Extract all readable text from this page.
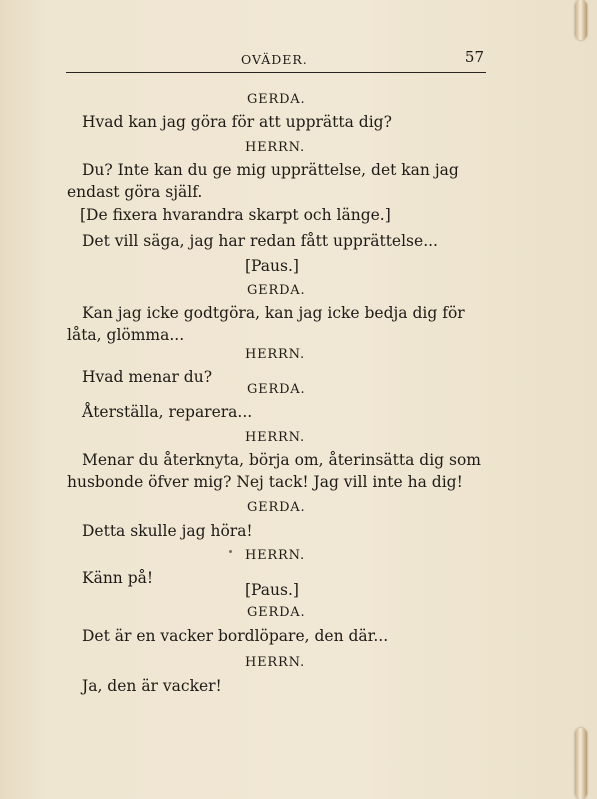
OVÄDER.	57
GERDA.
Hvad kan jag göra för att upprätta dig?
HERRN.
Du? Inte kan du ge mig upprättelse, det kan jag
endast göra själf.
[De fixera hvarandra skarpt och länge.]
Det vill säga, jag har redan fått upprättelse...
[Paus.]
GERDA.
Kan jag icke godtgöra, kan jag icke bedja dig för
låta, glömma...
HERRN.
Hvad menar du?
GERDA.
Återställa, reparera...
HERRN.
Menar du återknyta, börja om, återinsätta dig som
husbonde öfver mig? Nej tack! Jag vill inte ha dig!
GERDA.
Detta skulle jag höra!
HERRN.
Känn på!
[Paus.]
GERDA.
Det är en vacker bordlöpare, den där...
HERRN.
Ja, den är vacker!
